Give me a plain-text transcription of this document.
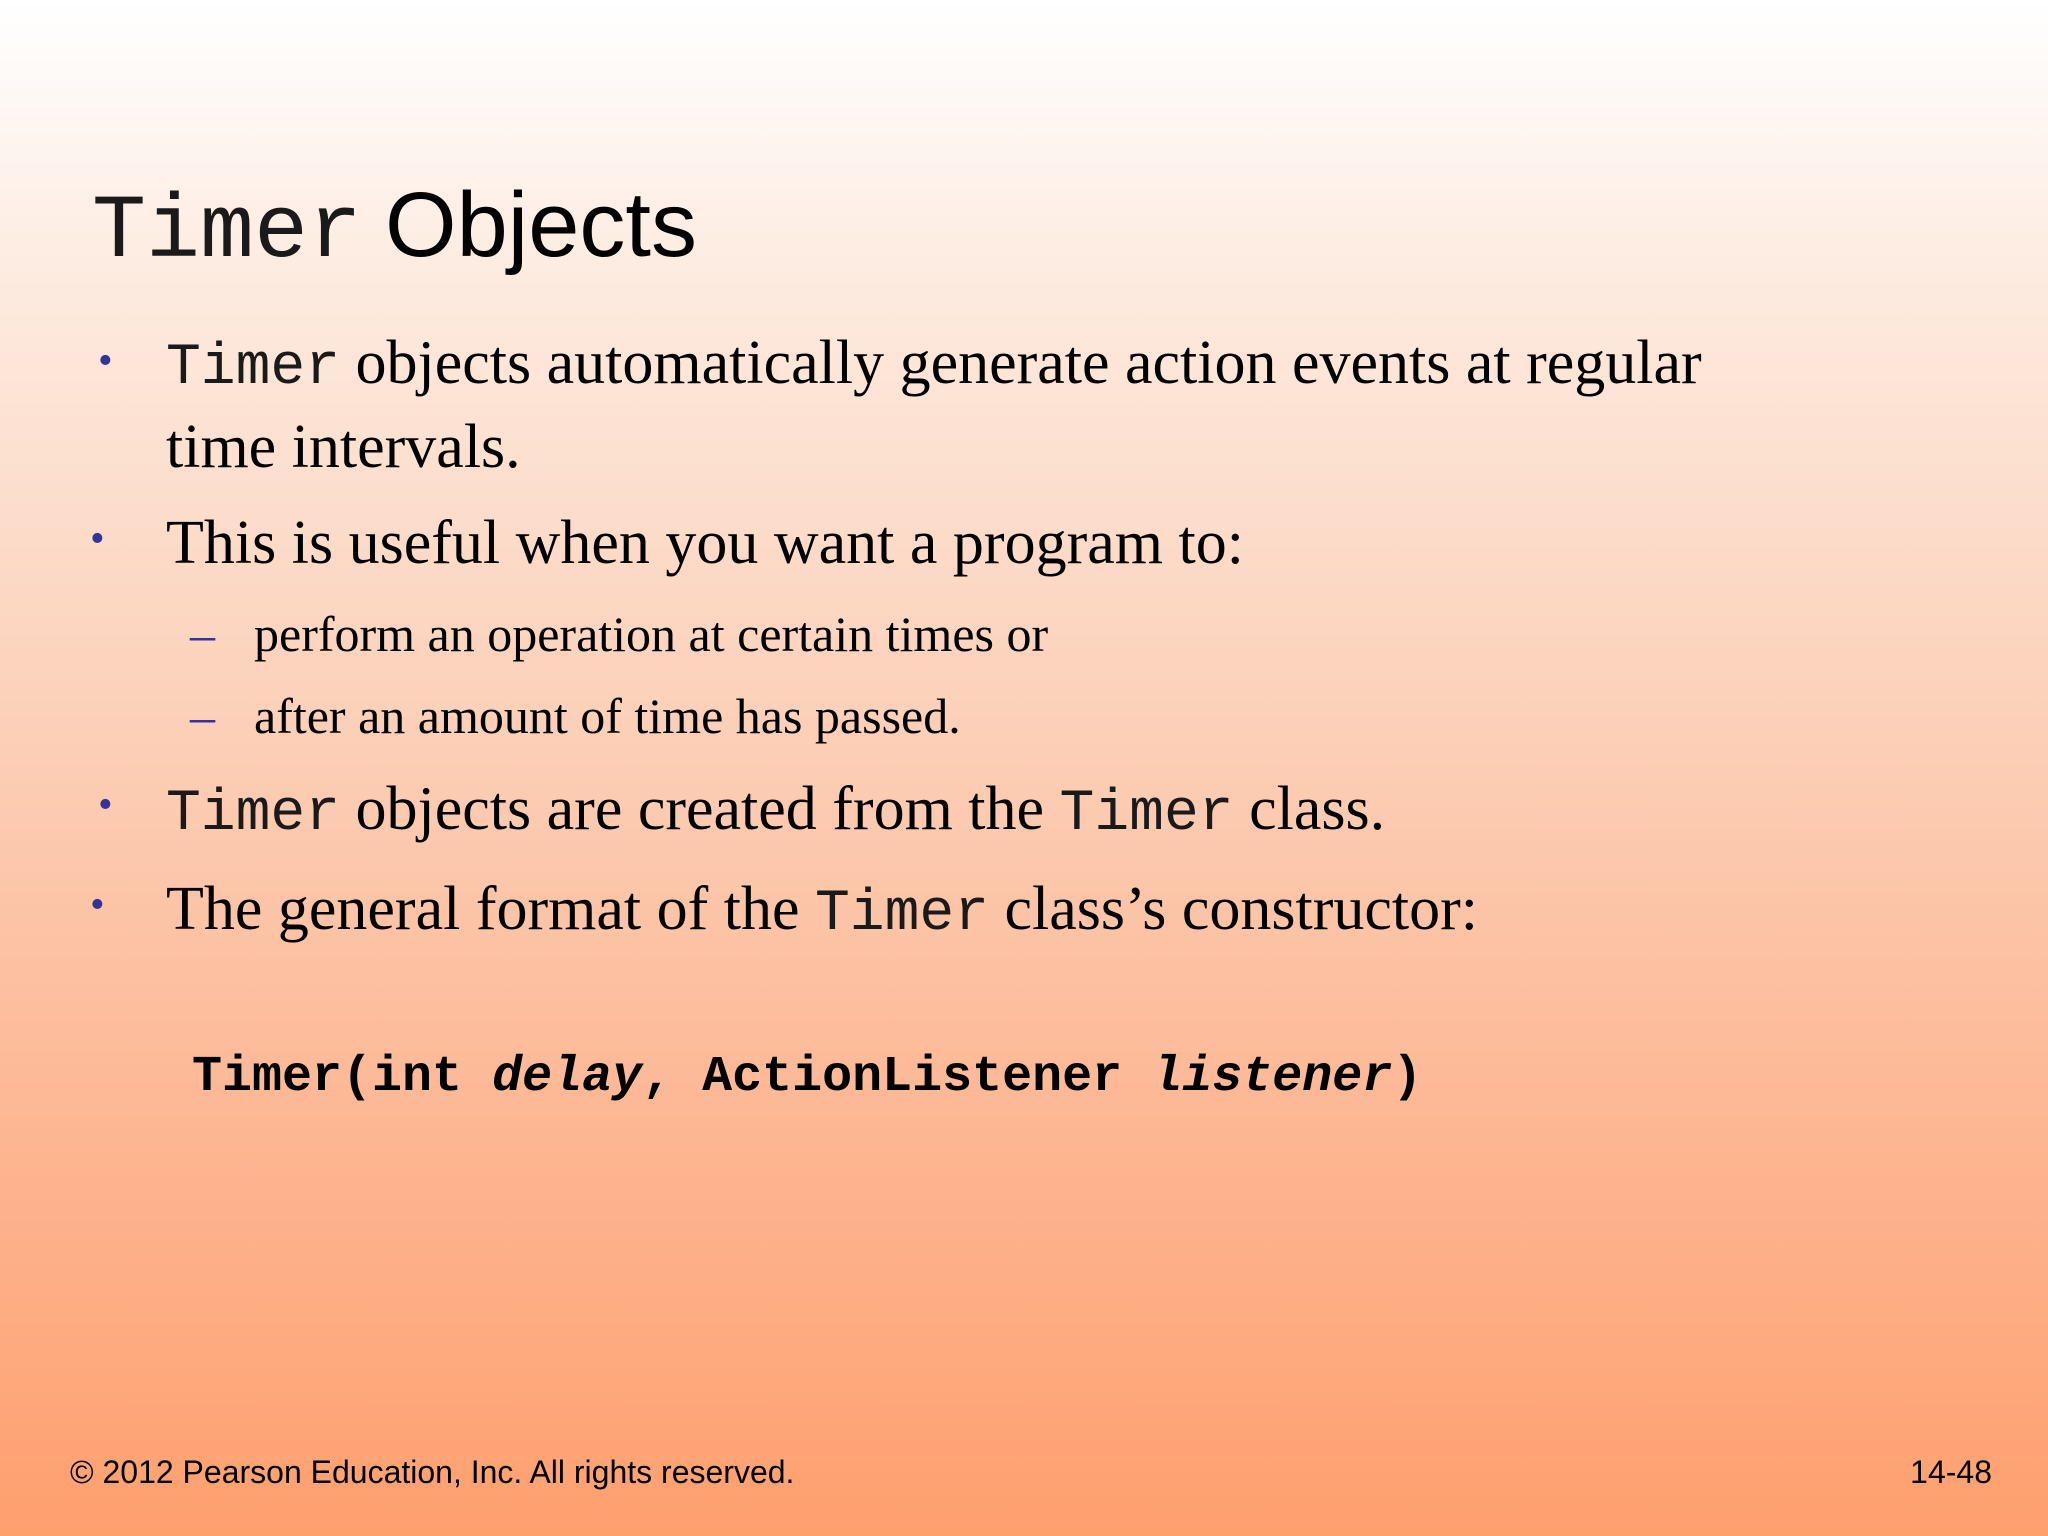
Timer Objects
• Timer objects automatically generate action events at regular
time intervals.
• This is useful when you want a program to:
– perform an operation at certain times or
– after an amount of time has passed.
• Timer objects are created from the Timer class.
• The general format of the Timer class’s constructor:
Timer(int delay, ActionListener listener)
© 2012 Pearson Education, Inc. All rights reserved.	14-48
